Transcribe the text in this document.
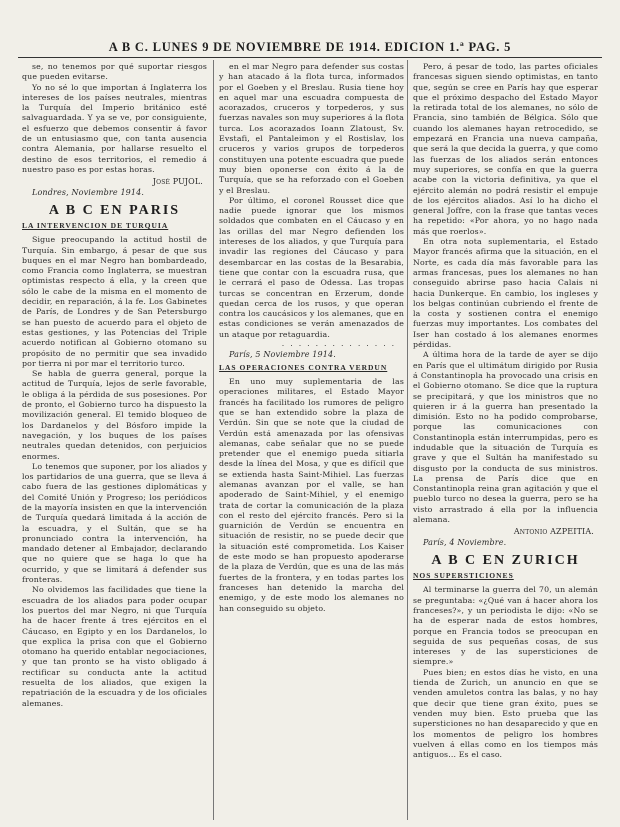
A B C. LUNES 9 DE NOVIEMBRE DE 1914. EDICION 1.ª PAG. 5

se, no tenemos por qué suportar riesgos que pueden evitarse.

Yo no sé lo que importan á Inglaterra los intereses de los países neutrales, mientras la Turquía del Imperio británico esté salvaguardada. Y ya se ve, por consiguiente, el esfuerzo que debemos consentir á favor de un entusiasmo que, con tanta ausencia contra Alemania, por hallarse resuelto el destino de esos territorios, el remedio á nuestro paso es por estas horas.

José PUJOL.

Londres, Noviembre 1914.

A B C EN PARIS

LA INTERVENCION DE TURQUIA

Sigue preocupando la actitud hostil de Turquía. Sin embargo, á pesar de que sus buques en el mar Negro han bombardeado, como Francia como Inglaterra, se muestran optimistas respecto á ella, y la creen que sólo le cabe de la misma en el momento de decidir, en reparación, á la fe. Los Gabinetes de París, de Londres y de San Petersburgo se han puesto de acuerdo para el objeto de estas gestiones, y las Potencias del Triple acuerdo notifican al Gobierno otomano su propósito de no permitir que sea invadido por tierra ni por mar el territorio turco.

Se habla de guerra general, porque la actitud de Turquía, lejos de serle favorable, le obliga á la pérdida de sus posesiones. Por de pronto, el Gobierno turco ha dispuesto la movilización general. El temido bloqueo de los Dardanelos y del Bósforo impide la navegación, y los buques de los países neutrales quedan detenidos, con perjuicios enormes.

Lo tenemos que suponer, por los aliados y los partidarios de una guerra, que se lleva á cabo fuera de las gestiones diplomáticas y del Comité Unión y Progreso; los periódicos de la mayoría insisten en que la intervención de Turquía quedará limitada á la acción de la escuadra, y el Sultán, que se ha pronunciado contra la intervención, ha mandado detener al Embajador, declarando que no quiere que se haga lo que ha ocurrido, y que se limitará á defender sus fronteras.

No olvidemos las facilidades que tiene la escuadra de los aliados para poder ocupar los puertos del mar Negro, ni que Turquía ha de hacer frente á tres ejércitos en el Cáucaso, en Egipto y en los Dardanelos, lo que explica la prisa con que el Gobierno otomano ha querido entablar negociaciones, y que tan pronto se ha visto obligado á rectificar su conducta ante la actitud resuelta de los aliados, que exigen la repatriación de la escuadra y de los oficiales alemanes.

en el mar Negro para defender sus costas y han atacado á la flota turca, informados por el Goeben y el Breslau. Rusia tiene hoy en aquel mar una escuadra compuesta de acorazados, cruceros y torpederos, y sus fuerzas navales son muy superiores á la flota turca. Los acorazados Ioann Zlatoust, Sv. Evstafi, el Pantaleimon y el Rostislav, los cruceros y varios grupos de torpederos constituyen una potente escuadra que puede muy bien oponerse con éxito á la de Turquía, que se ha reforzado con el Goeben y el Breslau.

Por último, el coronel Rousset dice que nadie puede ignorar que los mismos soldados que combaten en el Cáucaso y en las orillas del mar Negro defienden los intereses de los aliados, y que Turquía para invadir las regiones del Cáucaso y para desembarcar en las costas de la Besarabia, tiene que contar con la escuadra rusa, que le cerrará el paso de Odessa. Las tropas turcas se concentran en Erzerum, donde quedan cerca de los rusos, y que operan contra los caucásicos y los alemanes, que en estas condiciones se verán amenazados de un ataque por retaguardia.

. . . . . . . . . . . . . .

París, 5 Noviembre 1914.

LAS OPERACIONES CONTRA VERDUN

En uno muy suplementaria de las operaciones militares, el Estado Mayor francés ha facilitado los rumores de peligro que se han extendido sobre la plaza de Verdún. Sin que se note que la ciudad de Verdún está amenazada por las ofensivas alemanas, cabe señalar que no se puede pretender que el enemigo pueda sitiarla desde la línea del Mosa, y que es difícil que se extienda hasta Saint-Mihiel. Las fuerzas alemanas avanzan por el valle, se han apoderado de Saint-Mihiel, y el enemigo trata de cortar la comunicación de la plaza con el resto del ejército francés. Pero si la guarnición de Verdún se encuentra en situación de resistir, no se puede decir que la situación esté comprometida. Los Kaiser de este modo se han propuesto apoderarse de la plaza de Verdún, que es una de las más fuertes de la frontera, y en todas partes los franceses han detenido la marcha del enemigo, y de este modo los alemanes no han conseguido su objeto.

Pero, á pesar de todo, las partes oficiales francesas siguen siendo optimistas, en tanto que, según se cree en París hay que esperar que el próximo despacho del Estado Mayor la retirada total de los alemanes, no sólo de Francia, sino también de Bélgica. Sólo que cuando los alemanes hayan retrocedido, se empezará en Francia una nueva campaña, que será la que decida la guerra, y que como las fuerzas de los aliados serán entonces muy superiores, se confía en que la guerra acabe con la victoria definitiva, ya que el ejército alemán no podrá resistir el empuje de los ejércitos aliados. Así lo ha dicho el general Joffre, con la frase que tantas veces ha repetido: «Por ahora, yo no hago nada más que roerlos».

En otra nota suplementaria, el Estado Mayor francés afirma que la situación, en el Norte, es cada día más favorable para las armas francesas, pues los alemanes no han conseguido abrirse paso hacia Calais ni hacia Dunkerque. En cambio, los ingleses y los belgas continúan cubriendo el frente de la costa y sostienen contra el enemigo fuerzas muy importantes. Los combates del Iser han costado á los alemanes enormes pérdidas.

A última hora de la tarde de ayer se dijo en París que el ultimátum dirigido por Rusia á Constantinopla ha provocado una crisis en el Gobierno otomano. Se dice que la ruptura se precipitará, y que los ministros que no quieren ir á la guerra han presentado la dimisión. Esto no ha podido comprobarse, porque las comunicaciones con Constantinopla están interrumpidas, pero es indudable que la situación de Turquía es grave y que el Sultán ha manifestado su disgusto por la conducta de sus ministros. La prensa de París dice que en Constantinopla reina gran agitación y que el pueblo turco no desea la guerra, pero se ha visto arrastrado á ella por la influencia alemana.

Antonio AZPEITIA.

París, 4 Noviembre.

A B C EN ZURICH

NOS SUPERSTICIONES

Al terminarse la guerra del 70, un alemán se preguntaba: «¿Qué van á hacer ahora los franceses?», y un periodista le dijo: «No se ha de esperar nada de estos hombres, porque en Francia todos se preocupan en seguida de sus pequeñas cosas, de sus intereses y de las supersticiones de siempre.»

Pues bien; en estos días he visto, en una tienda de Zurich, un anuncio en que se venden amuletos contra las balas, y no hay que decir que tiene gran éxito, pues se venden muy bien. Esto prueba que las supersticiones no han desaparecido y que en los momentos de peligro los hombres vuelven á ellas como en los tiempos más antiguos... Es el caso.
